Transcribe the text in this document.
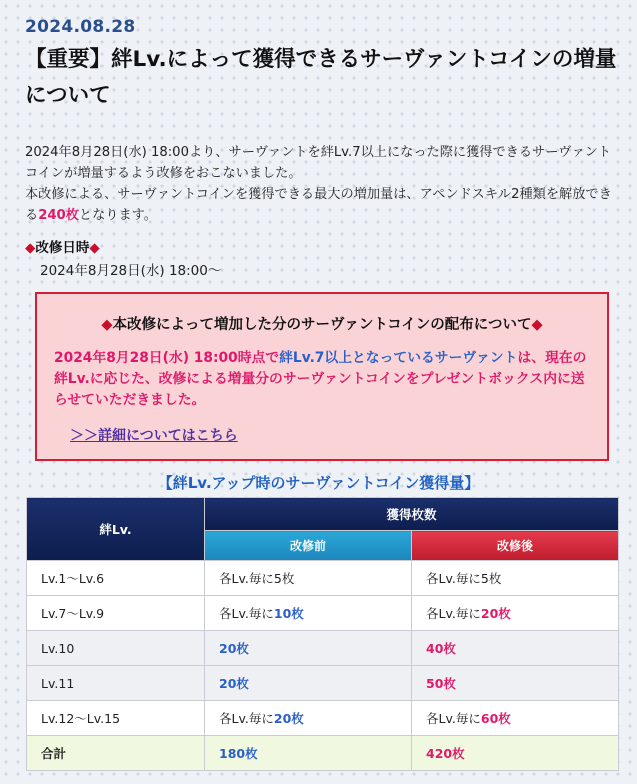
2024.08.28
【重要】絆Lv.によって獲得できるサーヴァントコインの増量について
2024年8月28日(水) 18:00より、サーヴァントを絆Lv.7以上になった際に獲得できるサーヴァントコインが増量するよう改修をおこないました。
本改修による、サーヴァントコインを獲得できる最大の増加量は、アペンドスキル2種類を解放できる240枚となります。
◆改修日時◆
2024年8月28日(水) 18:00～
◆本改修によって増加した分のサーヴァントコインの配布について◆
2024年8月28日(水) 18:00時点で絆Lv.7以上となっているサーヴァントは、現在の絆Lv.に応じた、改修による増量分のサーヴァントコインをプレゼントボックス内に送らせていただきました。
＞＞詳細についてはこちら
【絆Lv.アップ時のサーヴァントコイン獲得量】
絆Lv.	獲得枚数	
	改修前	改修後
Lv.1～Lv.6	各Lv.毎に5枚	各Lv.毎に5枚
Lv.7～Lv.9	各Lv.毎に10枚	各Lv.毎に20枚
Lv.10	20枚	40枚
Lv.11	20枚	50枚
Lv.12～Lv.15	各Lv.毎に20枚	各Lv.毎に60枚
合計	180枚	420枚
